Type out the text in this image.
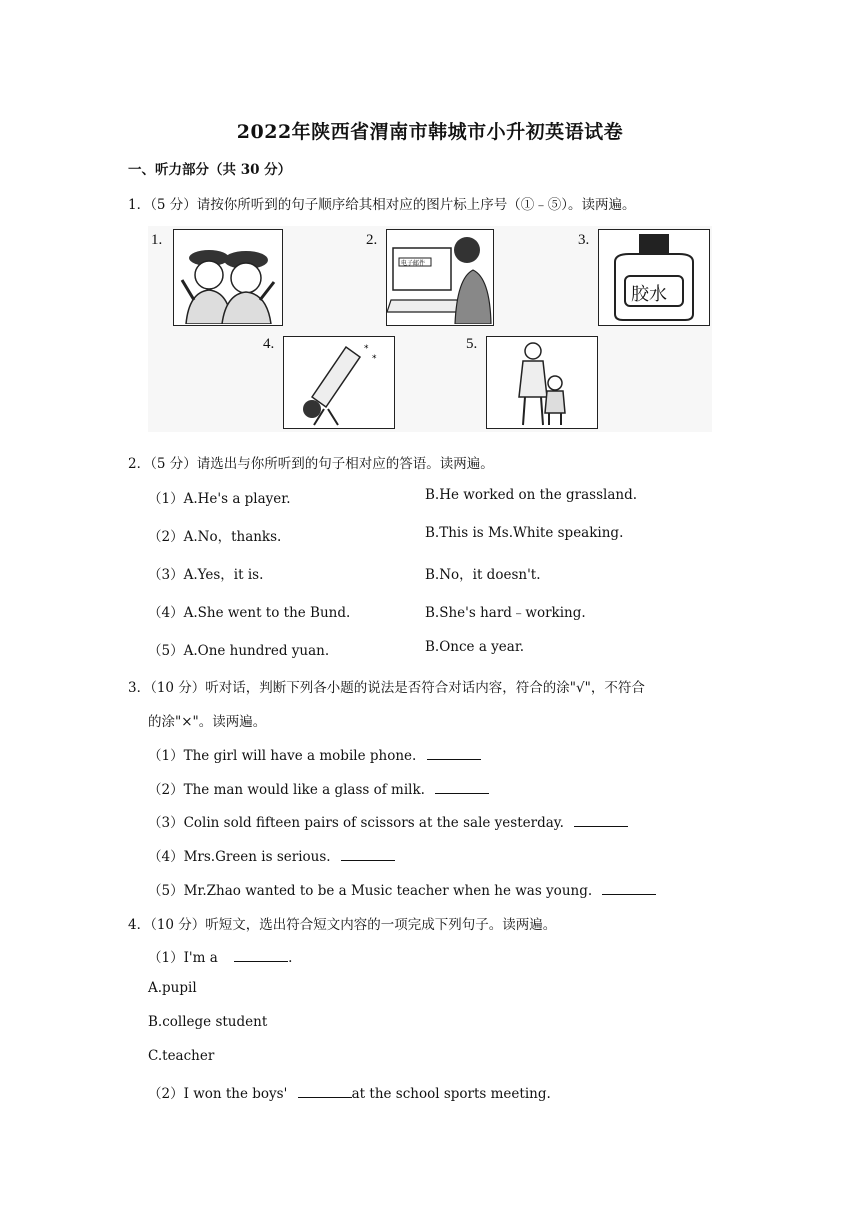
2022年陕西省渭南市韩城市小升初英语试卷
一、听力部分（共 30 分）
1．（5 分）请按你所听到的句子顺序给其相对应的图片标上序号（①﹣⑤）。读两遍。
1.	2.
电子邮件
3.
胶水
4.	*
*
5.
2．（5 分）请选出与你所听到的句子相对应的答语。读两遍。
（1）A.He's a player.	B.He worked on the grassland.
（2）A.No，thanks.	B.This is Ms.White speaking.
（3）A.Yes，it is.	B.No，it doesn't.
（4）A.She went to the Bund.	B.She's hard﹣working.
（5）A.One hundred yuan.	B.Once a year.
3．（10 分）听对话，判断下列各小题的说法是否符合对话内容，符合的涂"√"，不符合
的涂"×"。读两遍。
（1）The girl will have a mobile phone.
（2）The man would like a glass of milk.
（3）Colin sold fifteen pairs of scissors at the sale yesterday.
（4）Mrs.Green is serious.
（5）Mr.Zhao wanted to be a Music teacher when he was young.
4．（10 分）听短文，选出符合短文内容的一项完成下列句子。读两遍。
（1）I'm a	.
A.pupil
B.college student
C.teacher
（2）I won the boys'	at the school sports meeting.
